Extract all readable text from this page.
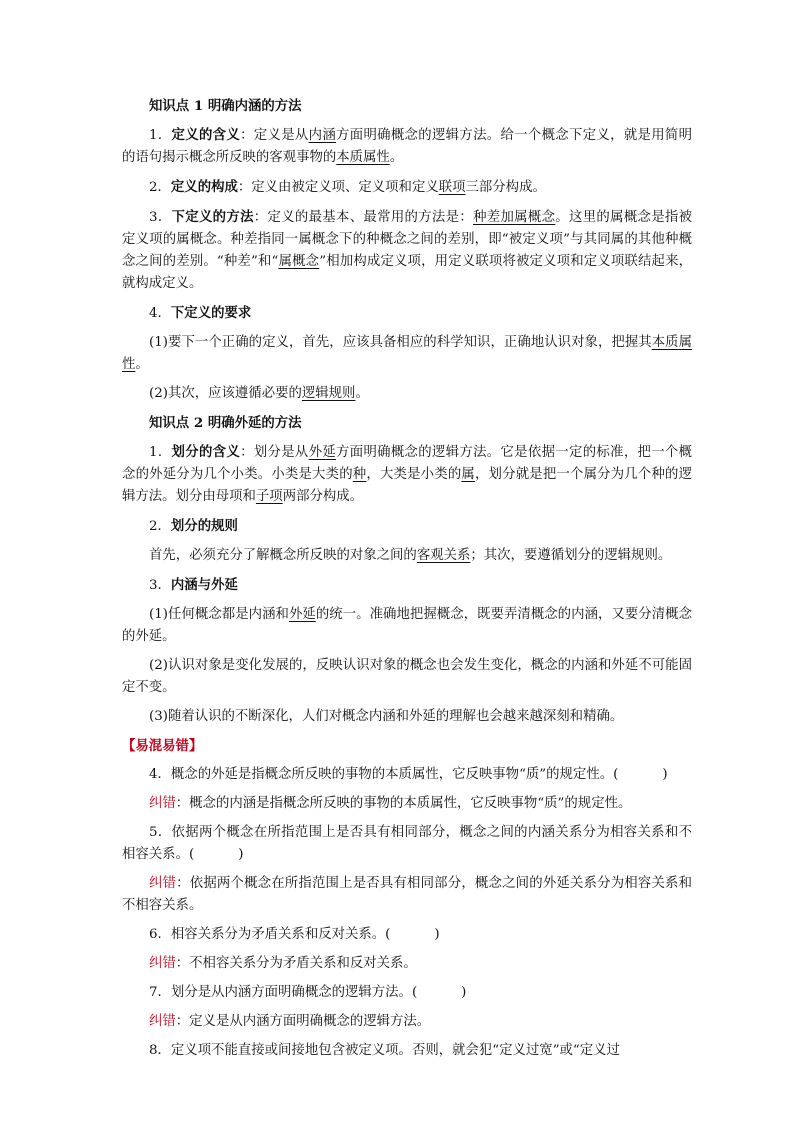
知识点 1 明确内涵的方法

1．定义的含义：定义是从内涵方面明确概念的逻辑方法。给一个概念下定义，就是用简明的语句揭示概念所反映的客观事物的本质属性。

2．定义的构成：定义由被定义项、定义项和定义联项三部分构成。

3．下定义的方法：定义的最基本、最常用的方法是：种差加属概念。这里的属概念是指被定义项的属概念。种差指同一属概念下的种概念之间的差别，即“被定义项”与其同属的其他种概念之间的差别。“种差”和“属概念”相加构成定义项，用定义联项将被定义项和定义项联结起来，就构成定义。

4．下定义的要求

(1)要下一个正确的定义，首先，应该具备相应的科学知识，正确地认识对象，把握其本质属性。

(2)其次，应该遵循必要的逻辑规则。

知识点 2 明确外延的方法

1．划分的含义：划分是从外延方面明确概念的逻辑方法。它是依据一定的标准，把一个概念的外延分为几个小类。小类是大类的种，大类是小类的属，划分就是把一个属分为几个种的逻辑方法。划分由母项和子项两部分构成。

2．划分的规则

首先，必须充分了解概念所反映的对象之间的客观关系；其次，要遵循划分的逻辑规则。

3．内涵与外延

(1)任何概念都是内涵和外延的统一。准确地把握概念，既要弄清概念的内涵，又要分清概念的外延。

(2)认识对象是变化发展的，反映认识对象的概念也会发生变化，概念的内涵和外延不可能固定不变。

(3)随着认识的不断深化，人们对概念内涵和外延的理解也会越来越深刻和精确。

【易混易错】

4．概念的外延是指概念所反映的事物的本质属性，它反映事物“质”的规定性。(	)

纠错：概念的内涵是指概念所反映的事物的本质属性，它反映事物“质”的规定性。

5．依据两个概念在所指范围上是否具有相同部分，概念之间的内涵关系分为相容关系和不相容关系。(	)

纠错：依据两个概念在所指范围上是否具有相同部分，概念之间的外延关系分为相容关系和不相容关系。

6．相容关系分为矛盾关系和反对关系。(	)

纠错：不相容关系分为矛盾关系和反对关系。

7．划分是从内涵方面明确概念的逻辑方法。(	)

纠错：定义是从内涵方面明确概念的逻辑方法。

8．定义项不能直接或间接地包含被定义项。否则，就会犯“定义过宽”或“定义过
